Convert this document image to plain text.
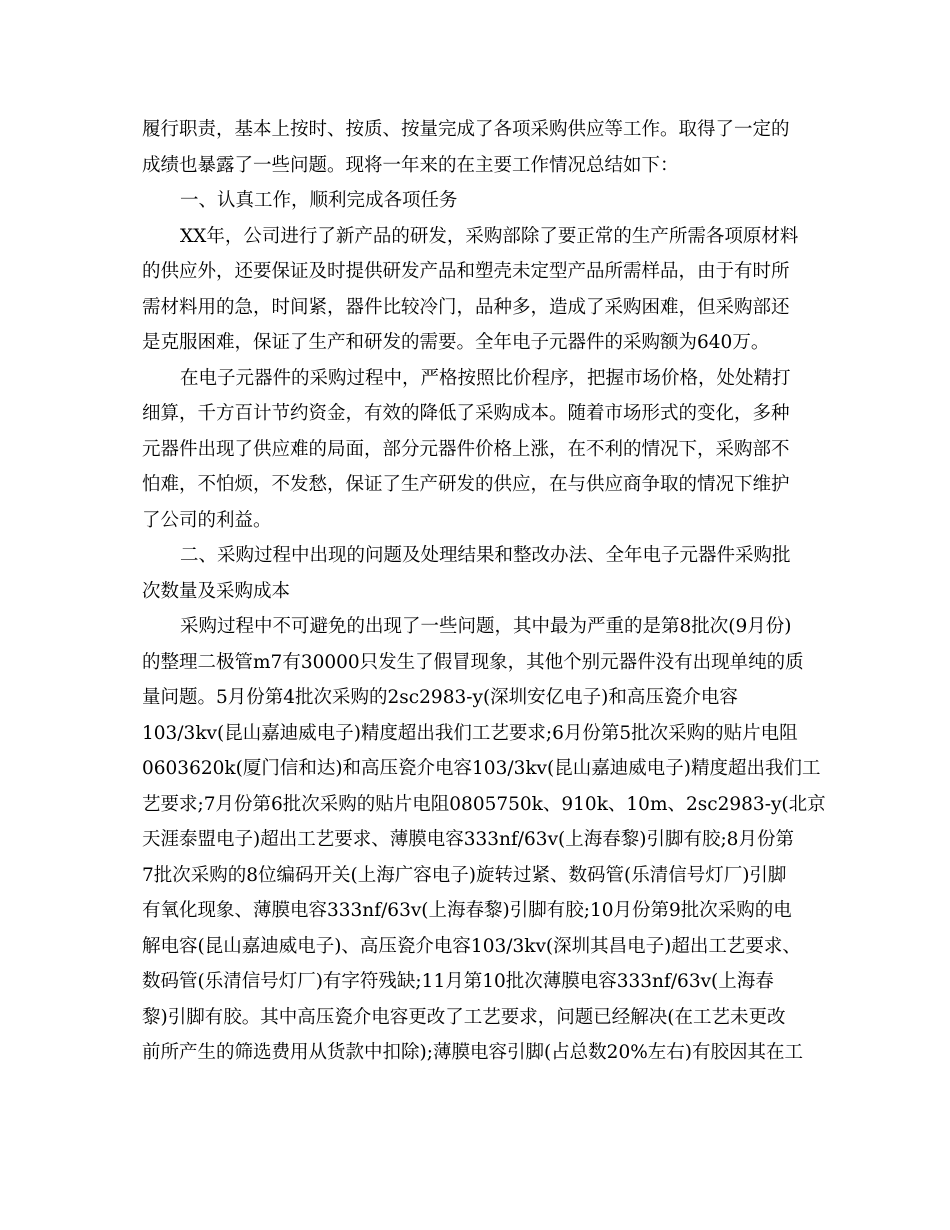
履行职责，基本上按时、按质、按量完成了各项采购供应等工作。取得了一定的
成绩也暴露了一些问题。现将一年来的在主要工作情况总结如下：
一、认真工作，顺利完成各项任务
XX年，公司进行了新产品的研发，采购部除了要正常的生产所需各项原材料
的供应外，还要保证及时提供研发产品和塑壳未定型产品所需样品，由于有时所
需材料用的急，时间紧，器件比较冷门，品种多，造成了采购困难，但采购部还
是克服困难，保证了生产和研发的需要。全年电子元器件的采购额为640万。
在电子元器件的采购过程中，严格按照比价程序，把握市场价格，处处精打
细算，千方百计节约资金，有效的降低了采购成本。随着市场形式的变化，多种
元器件出现了供应难的局面，部分元器件价格上涨，在不利的情况下，采购部不
怕难，不怕烦，不发愁，保证了生产研发的供应，在与供应商争取的情况下维护
了公司的利益。
二、采购过程中出现的问题及处理结果和整改办法、全年电子元器件采购批
次数量及采购成本
采购过程中不可避免的出现了一些问题，其中最为严重的是第8批次(9月份)
的整理二极管m7有30000只发生了假冒现象，其他个别元器件没有出现单纯的质
量问题。5月份第4批次采购的2sc2983-y(深圳安亿电子)和高压瓷介电容
103/3kv(昆山嘉迪威电子)精度超出我们工艺要求;6月份第5批次采购的贴片电阻
0603620k(厦门信和达)和高压瓷介电容103/3kv(昆山嘉迪威电子)精度超出我们工
艺要求;7月份第6批次采购的贴片电阻0805750k、910k、10m、2sc2983-y(北京
天涯泰盟电子)超出工艺要求、薄膜电容333nf/63v(上海春黎)引脚有胶;8月份第
7批次采购的8位编码开关(上海广容电子)旋转过紧、数码管(乐清信号灯厂)引脚
有氧化现象、薄膜电容333nf/63v(上海春黎)引脚有胶;10月份第9批次采购的电
解电容(昆山嘉迪威电子)、高压瓷介电容103/3kv(深圳其昌电子)超出工艺要求、
数码管(乐清信号灯厂)有字符残缺;11月第10批次薄膜电容333nf/63v(上海春
黎)引脚有胶。其中高压瓷介电容更改了工艺要求，问题已经解决(在工艺未更改
前所产生的筛选费用从货款中扣除);薄膜电容引脚(占总数20%左右)有胶因其在工
